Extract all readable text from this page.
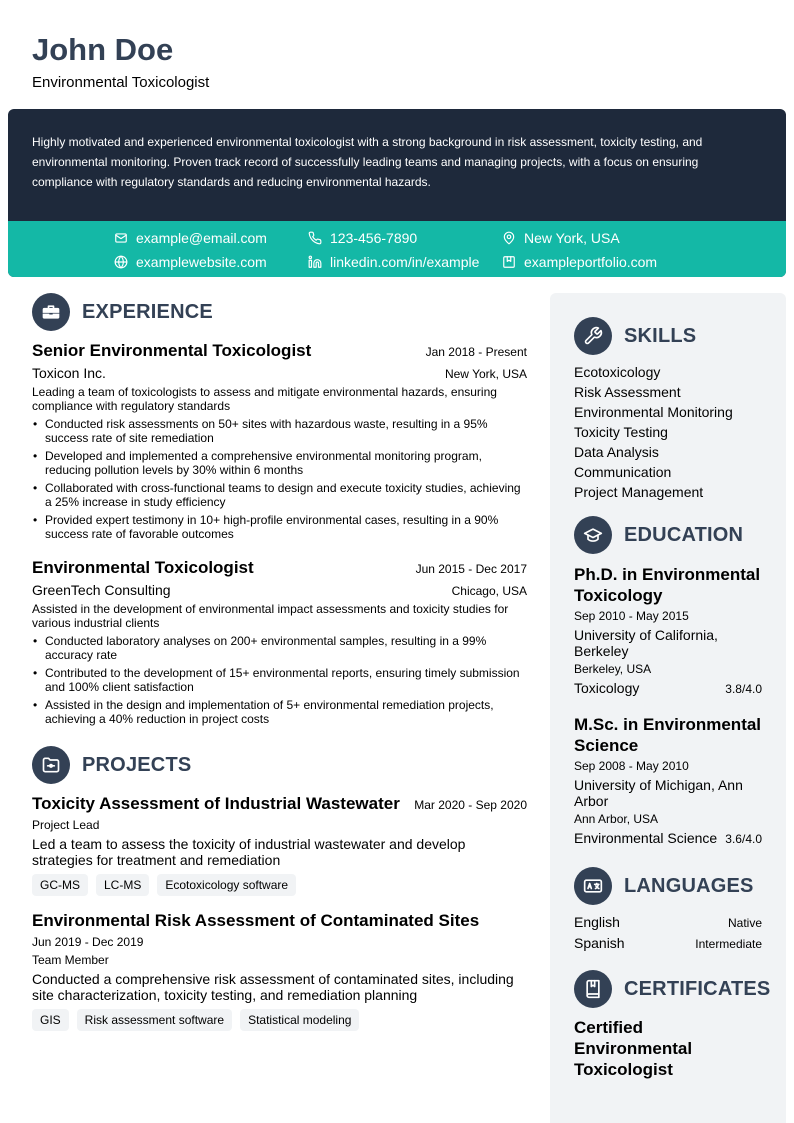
John Doe
Environmental Toxicologist
Highly motivated and experienced environmental toxicologist with a strong background in risk assessment, toxicity testing, and environmental monitoring. Proven track record of successfully leading teams and managing projects, with a focus on ensuring compliance with regulatory standards and reducing environmental hazards.
example@email.com	123-456-7890	New York, USA
examplewebsite.com	linkedin.com/in/example	exampleportfolio.com
EXPERIENCE
Senior Environmental Toxicologist	Jan 2018 - Present
Toxicon Inc.	New York, USA
Leading a team of toxicologists to assess and mitigate environmental hazards, ensuring compliance with regulatory standards
• Conducted risk assessments on 50+ sites with hazardous waste, resulting in a 95% success rate of site remediation
• Developed and implemented a comprehensive environmental monitoring program, reducing pollution levels by 30% within 6 months
• Collaborated with cross-functional teams to design and execute toxicity studies, achieving a 25% increase in study efficiency
• Provided expert testimony in 10+ high-profile environmental cases, resulting in a 90% success rate of favorable outcomes
Environmental Toxicologist	Jun 2015 - Dec 2017
GreenTech Consulting	Chicago, USA
Assisted in the development of environmental impact assessments and toxicity studies for various industrial clients
• Conducted laboratory analyses on 200+ environmental samples, resulting in a 99% accuracy rate
• Contributed to the development of 15+ environmental reports, ensuring timely submission and 100% client satisfaction
• Assisted in the design and implementation of 5+ environmental remediation projects, achieving a 40% reduction in project costs
PROJECTS
Toxicity Assessment of Industrial Wastewater Mar 2020 - Sep 2020
Project Lead
Led a team to assess the toxicity of industrial wastewater and develop strategies for treatment and remediation
GC-MS	LC-MS	Ecotoxicology software
Environmental Risk Assessment of Contaminated Sites
Jun 2019 - Dec 2019
Team Member
Conducted a comprehensive risk assessment of contaminated sites, including site characterization, toxicity testing, and remediation planning
GIS	Risk assessment software	Statistical modeling
SKILLS
Ecotoxicology
Risk Assessment
Environmental Monitoring
Toxicity Testing
Data Analysis
Communication
Project Management
EDUCATION
Ph.D. in Environmental Toxicology
Sep 2010 - May 2015
University of California, Berkeley
Berkeley, USA
Toxicology	3.8/4.0
M.Sc. in Environmental Science
Sep 2008 - May 2010
University of Michigan, Ann Arbor
Ann Arbor, USA
Environmental Science 3.6/4.0
LANGUAGES
English	Native
Spanish	Intermediate
CERTIFICATES
Certified Environmental Toxicologist
